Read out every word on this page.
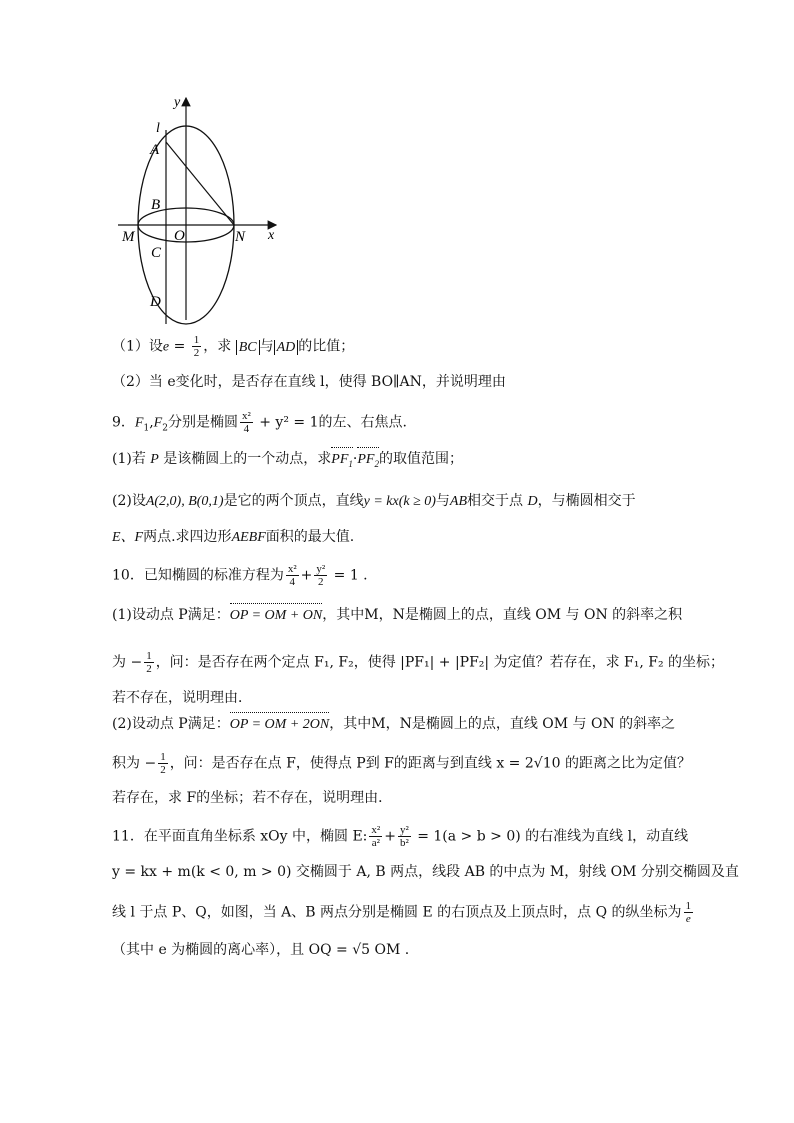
y
l
A
B
M	O	N x
C
D
（1）设$e = \frac{1}{2}$ ，求 BC 与 AD 的比值；
（2）当 e变化时，是否存在直线 l，使得 BO∥AN，并说明理由
9．$F_1,F_2$分别是椭圆 $\frac{\text{x²}}{4} + y^2 = 1$的左、右焦点.
(1)若 P 是该椭圆上的一个动点，求$PF_1\cdot PF_2$的取值范围；
(2)设A(2,0), B(0,1)是它的两个顶点，直线y = kx(k ≥ 0)与AB相交于点 D，与椭圆相交于
E、F两点.求四边形AEBF面积的最大值.
10．已知椭圆的标准方程为 $\frac{\text{x²}}{4} + \frac{\text{y²}}{2} = 1$ .
(1)设动点 P满足：OP = OM + ON，其中M，N是椭圆上的点，直线 OM 与 ON 的斜率之积
为 − $\frac{1}{2}$ ，问：是否存在两个定点 F₁, F₂，使得 |PF₁| + |PF₂| 为定值？若存在，求 F₁, F₂ 的坐标；
若不存在，说明理由．
(2)设动点 P满足：OP = OM + 2ON，其中M，N是椭圆上的点，直线 OM 与 ON 的斜率之
积为 − $\frac{1}{2}$ ，问：是否存在点 F，使得点 P到 F的距离与到直线 x = 2√10 的距离之比为定值？
若存在，求 F的坐标；若不存在，说明理由．
11．在平面直角坐标系 xOy 中，椭圆 E: $\frac{\text{x²}}{\text{a²}} + \frac{\text{y²}}{\text{b²}} = 1(a > b > 0)$ 的右准线为直线 l，动直线
y = kx + m(k < 0, m > 0) 交椭圆于 A, B 两点，线段 AB 的中点为 M，射线 OM 分别交椭圆及直
线 l 于点 P、Q，如图，当 A、B 两点分别是椭圆 E 的右顶点及上顶点时，点 Q 的纵坐标为 $\frac{1}{e}$
（其中 e 为椭圆的离心率），且 OQ = √5 OM .
